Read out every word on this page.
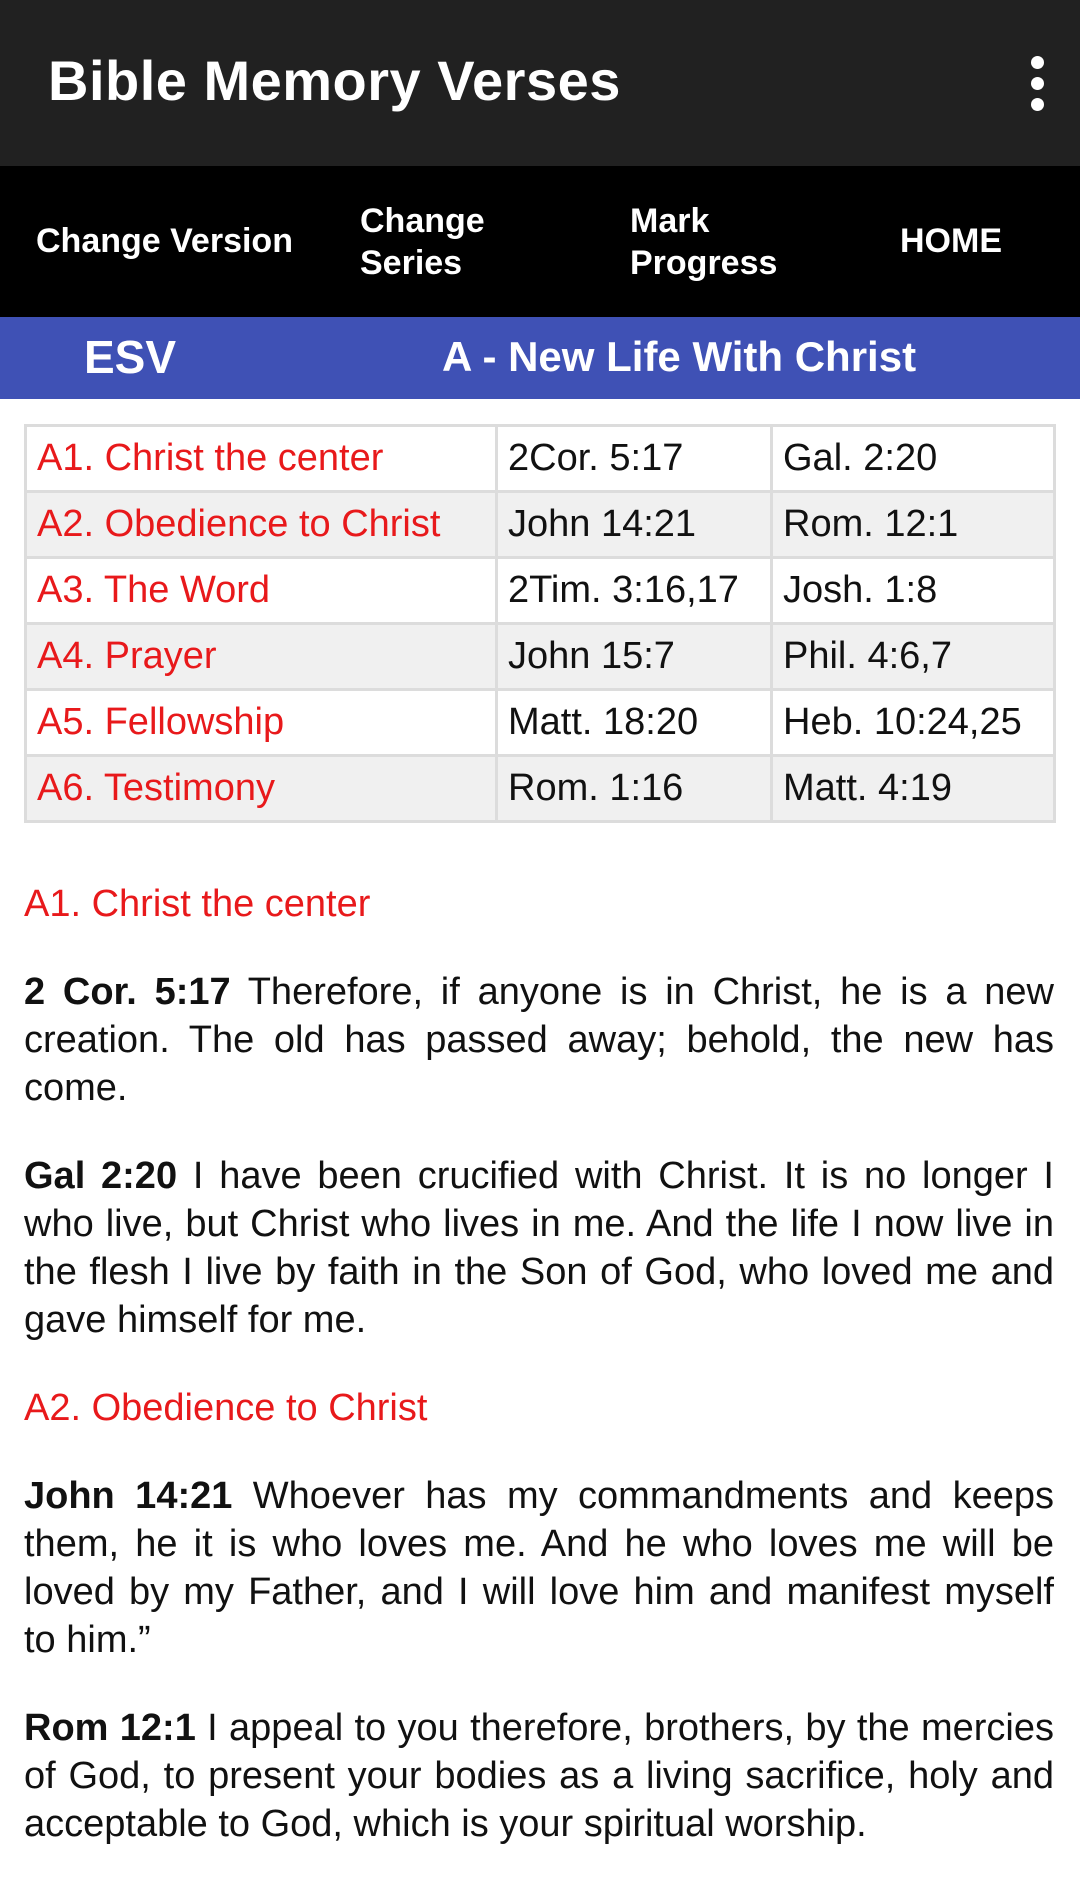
Bible Memory Verses
Change Version
Change
Series
Mark
Progress
HOME
ESV	A - New Life With Christ
A1. Christ the center	2Cor. 5:17	Gal. 2:20
A2. Obedience to Christ	John 14:21	Rom. 12:1
A3. The Word	2Tim. 3:16,17	Josh. 1:8
A4. Prayer	John 15:7	Phil. 4:6,7
A5. Fellowship	Matt. 18:20	Heb. 10:24,25
A6. Testimony	Rom. 1:16	Matt. 4:19
A1. Christ the center
2 Cor. 5:17 Therefore, if anyone is in Christ, he is a new creation. The old has passed away; behold, the new has come.
Gal 2:20 I have been crucified with Christ. It is no longer I who live, but Christ who lives in me. And the life I now live in the flesh I live by faith in the Son of God, who loved me and gave himself for me.
A2. Obedience to Christ
John 14:21 Whoever has my commandments and keeps them, he it is who loves me. And he who loves me will be loved by my Father, and I will love him and manifest myself to him.”
Rom 12:1 I appeal to you therefore, brothers, by the mercies of God, to present your bodies as a living sacrifice, holy and acceptable to God, which is your spiritual worship.
